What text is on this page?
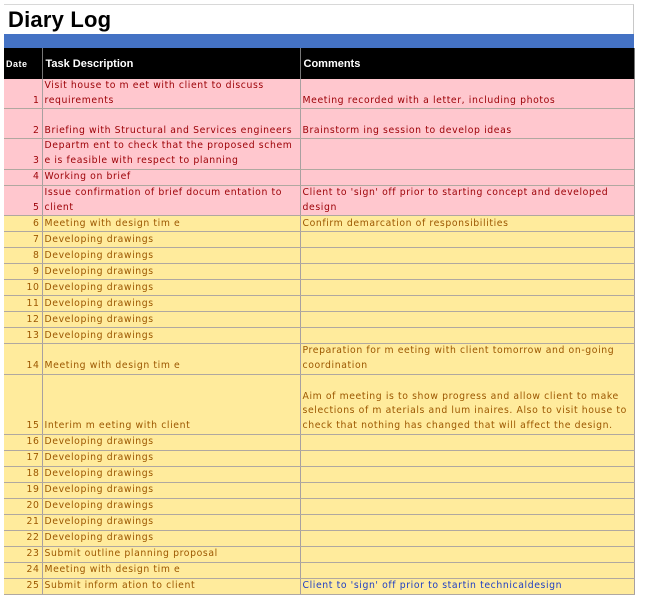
Diary Log
Date	Task Description	Comments
1	Visit house to m eet with client to discuss requirements	Meeting recorded with a letter, including photos
2	Briefing with Structural and Services engineers	Brainstorm ing session to develop ideas
3	Departm ent to check that the proposed schem e is feasible with respect to planning	
4	Working on brief	
5	Issue confirmation of brief docum entation to client	Client to 'sign' off prior to starting concept and developed design
6	Meeting with design tim e	Confirm demarcation of responsibilities
7	Developing drawings	
8	Developing drawings	
9	Developing drawings	
10	Developing drawings	
11	Developing drawings	
12	Developing drawings	
13	Developing drawings	
14	Meeting with design tim e	Preparation for m eeting with client tomorrow and on-going coordination
15	Interim m eeting with client	Aim of meeting is to show progress and allow client to make selections of m aterials and lum inaires. Also to visit house to check that nothing has changed that will affect the design.
16	Developing drawings	
17	Developing drawings	
18	Developing drawings	
19	Developing drawings	
20	Developing drawings	
21	Developing drawings	
22	Developing drawings	
23	Submit outline planning proposal	
24	Meeting with design tim e	
25	Submit inform ation to client	Client to 'sign' off prior to startin technicaldesign
